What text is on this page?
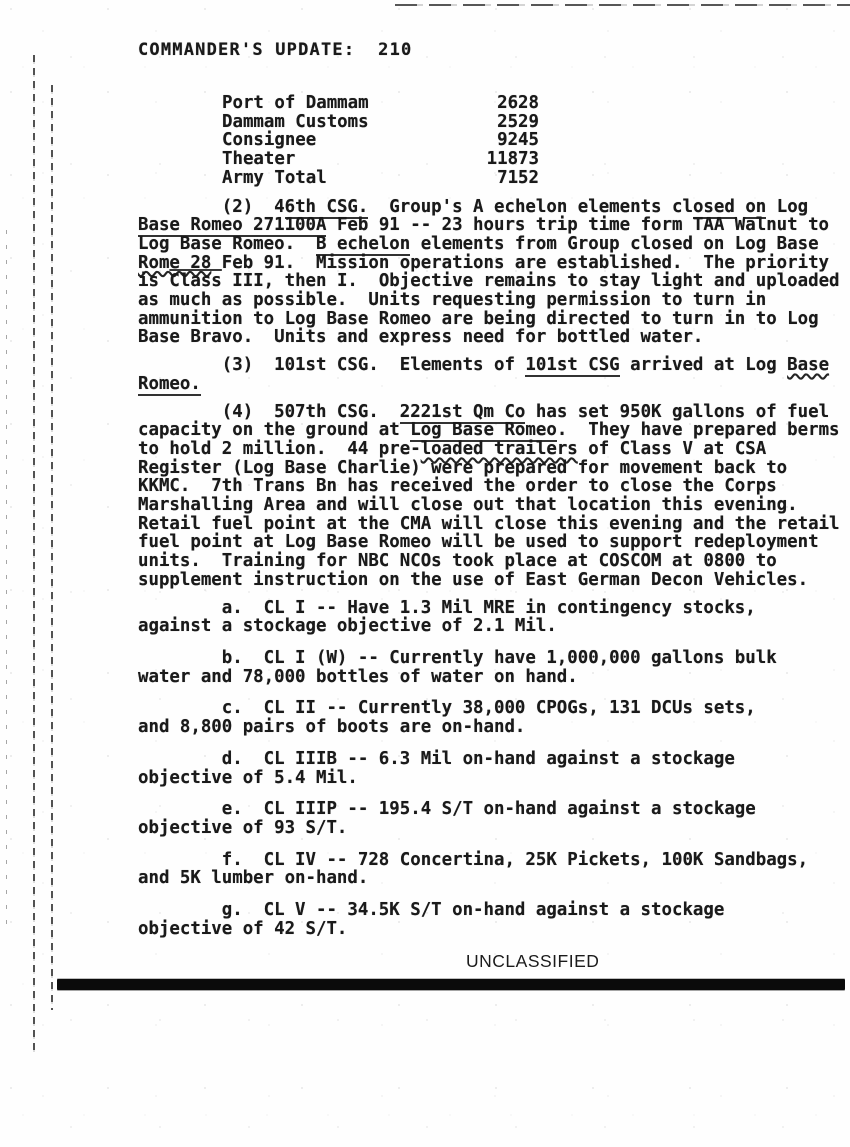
COMMANDER'S UPDATE:  210
Port of Dammam	2628
Dammam Customs	2529
Consignee	9245
Theater	11873
Army Total	7152
(2)  46th CSG.  Group's A echelon elements closed on Log
Base Romeo 271100A Feb 91 -- 23 hours trip time form TAA Walnut to
Log Base Romeo.  B echelon elements from Group closed on Log Base
Rome 28 Feb 91.  Mission operations are established.  The priority
is Class III, then I.  Objective remains to stay light and uploaded
as much as possible.  Units requesting permission to turn in
ammunition to Log Base Romeo are being directed to turn in to Log
Base Bravo.  Units and express need for bottled water.
(3)  101st CSG.  Elements of 101st CSG arrived at Log Base
Romeo.
(4)  507th CSG.  2221st Qm Co has set 950K gallons of fuel
capacity on the ground at Log Base Romeo.  They have prepared berms
to hold 2 million.  44 pre-loaded trailers of Class V at CSA
Register (Log Base Charlie) were prepared for movement back to
KKMC.  7th Trans Bn has received the order to close the Corps
Marshalling Area and will close out that location this evening.
Retail fuel point at the CMA will close this evening and the retail
fuel point at Log Base Romeo will be used to support redeployment
units.  Training for NBC NCOs took place at COSCOM at 0800 to
supplement instruction on the use of East German Decon Vehicles.
a.  CL I -- Have 1.3 Mil MRE in contingency stocks,
against a stockage objective of 2.1 Mil.
b.  CL I (W) -- Currently have 1,000,000 gallons bulk
water and 78,000 bottles of water on hand.
c.  CL II -- Currently 38,000 CPOGs, 131 DCUs sets,
and 8,800 pairs of boots are on-hand.
d.  CL IIIB -- 6.3 Mil on-hand against a stockage
objective of 5.4 Mil.
e.  CL IIIP -- 195.4 S/T on-hand against a stockage
objective of 93 S/T.
f.  CL IV -- 728 Concertina, 25K Pickets, 100K Sandbags,
and 5K lumber on-hand.
g.  CL V -- 34.5K S/T on-hand against a stockage
objective of 42 S/T.
UNCLASSIFIED
